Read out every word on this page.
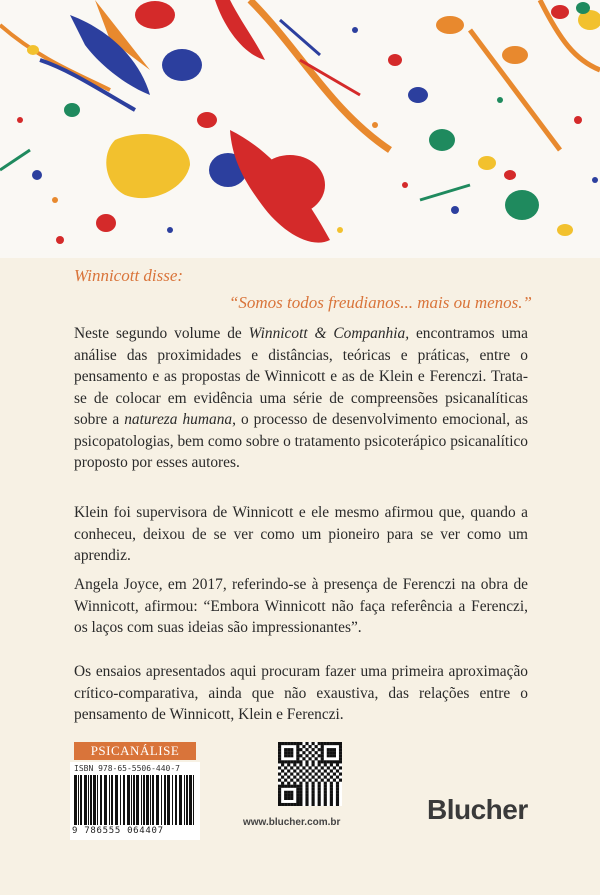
Winnicott disse:
“Somos todos freudianos... mais ou menos.”
Neste segundo volume de Winnicott & Companhia, encontramos uma análise das proximidades e distâncias, teóricas e práticas, entre o pensamento e as propostas de Winnicott e as de Klein e Ferenczi. Trata-se de colocar em evidência uma série de compreensões psicanalíticas sobre a natureza humana, o processo de desenvolvimento emocional, as psicopatologias, bem como sobre o tratamento psicoterápico psicanalítico proposto por esses autores.
Klein foi supervisora de Winnicott e ele mesmo afirmou que, quando a conheceu, deixou de se ver como um pioneiro para se ver como um aprendiz.
Angela Joyce, em 2017, referindo-se à presença de Ferenczi na obra de Winnicott, afirmou: “Embora Winnicott não faça referência a Ferenczi, os laços com suas ideias são impressionantes”.
Os ensaios apresentados aqui procuram fazer uma primeira aproximação crítico-comparativa, ainda que não exaustiva, das relações entre o pensamento de Winnicott, Klein e Ferenczi.
PSICANÁLISE
ISBN 978-65-5506-440-7
9 786555 064407
www.blucher.com.br	Blucher
